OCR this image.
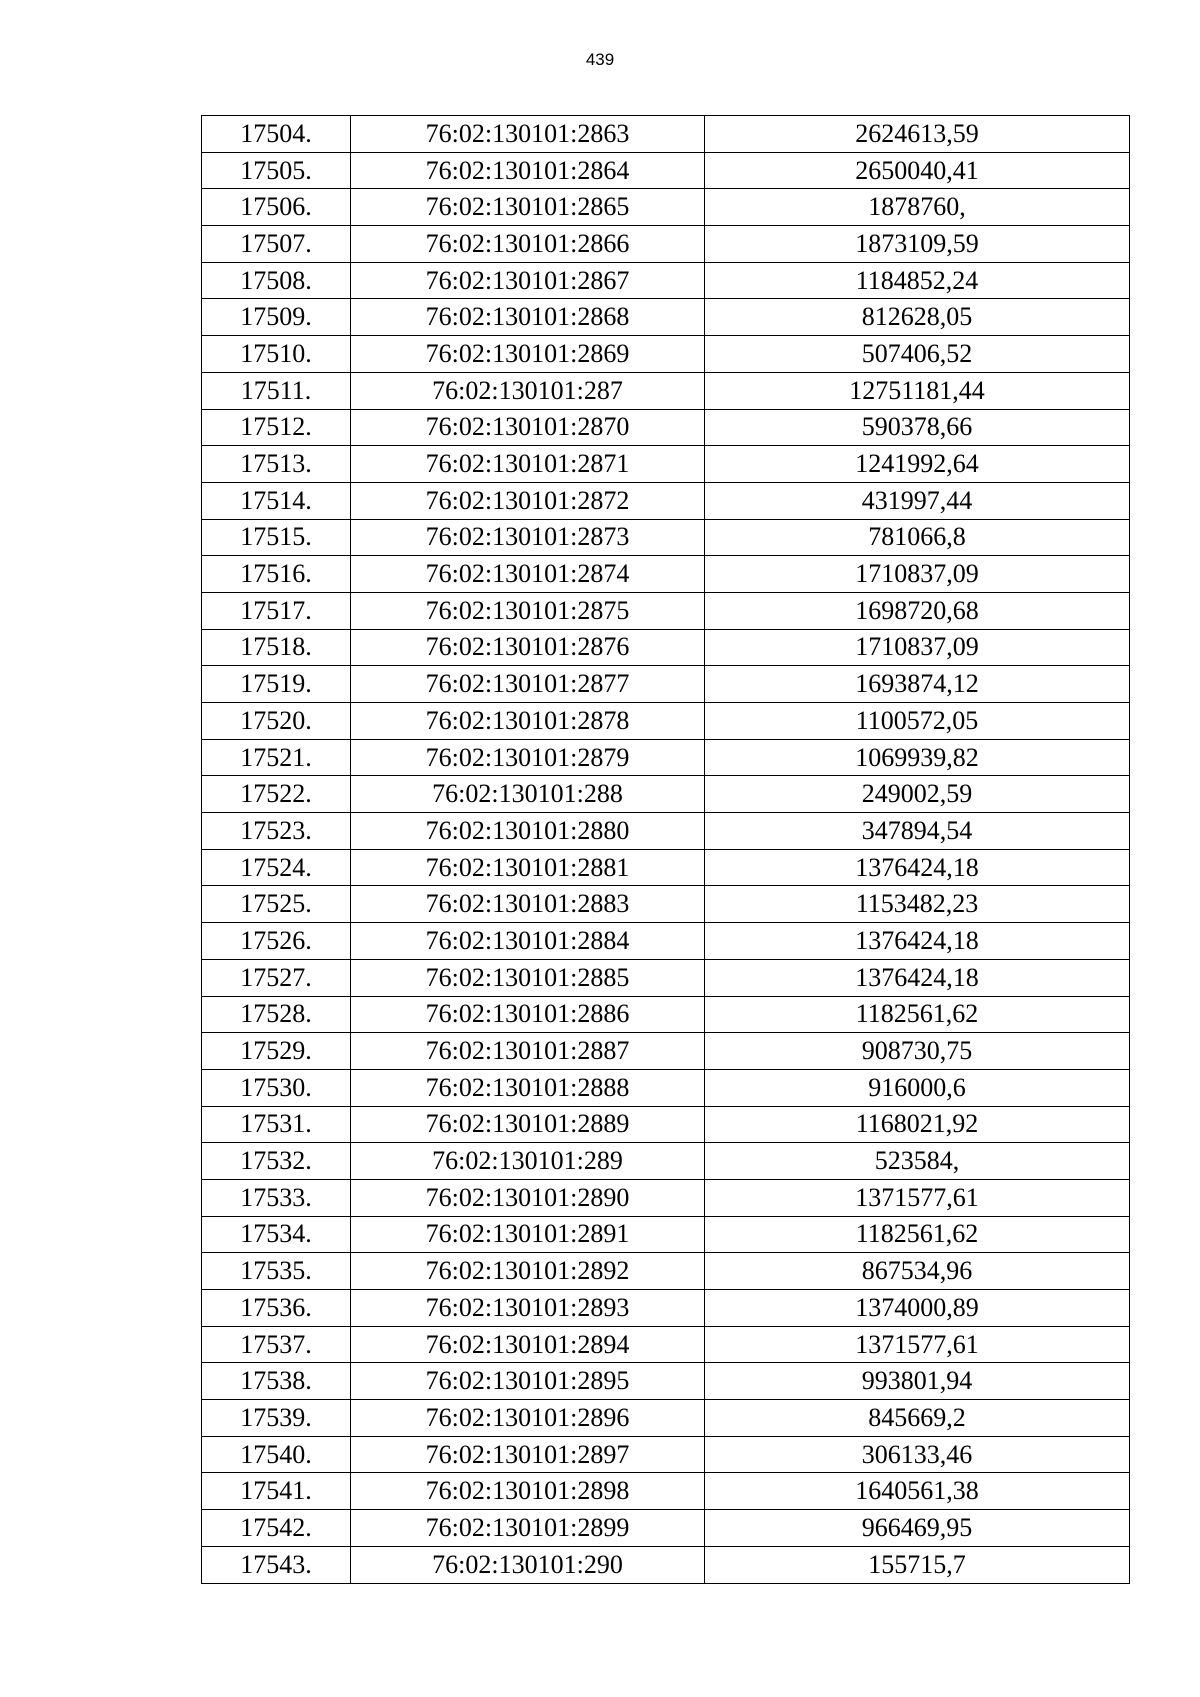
439
17504.	76:02:130101:2863	2624613,59
17505.	76:02:130101:2864	2650040,41
17506.	76:02:130101:2865	1878760,
17507.	76:02:130101:2866	1873109,59
17508.	76:02:130101:2867	1184852,24
17509.	76:02:130101:2868	812628,05
17510.	76:02:130101:2869	507406,52
17511.	76:02:130101:287	12751181,44
17512.	76:02:130101:2870	590378,66
17513.	76:02:130101:2871	1241992,64
17514.	76:02:130101:2872	431997,44
17515.	76:02:130101:2873	781066,8
17516.	76:02:130101:2874	1710837,09
17517.	76:02:130101:2875	1698720,68
17518.	76:02:130101:2876	1710837,09
17519.	76:02:130101:2877	1693874,12
17520.	76:02:130101:2878	1100572,05
17521.	76:02:130101:2879	1069939,82
17522.	76:02:130101:288	249002,59
17523.	76:02:130101:2880	347894,54
17524.	76:02:130101:2881	1376424,18
17525.	76:02:130101:2883	1153482,23
17526.	76:02:130101:2884	1376424,18
17527.	76:02:130101:2885	1376424,18
17528.	76:02:130101:2886	1182561,62
17529.	76:02:130101:2887	908730,75
17530.	76:02:130101:2888	916000,6
17531.	76:02:130101:2889	1168021,92
17532.	76:02:130101:289	523584,
17533.	76:02:130101:2890	1371577,61
17534.	76:02:130101:2891	1182561,62
17535.	76:02:130101:2892	867534,96
17536.	76:02:130101:2893	1374000,89
17537.	76:02:130101:2894	1371577,61
17538.	76:02:130101:2895	993801,94
17539.	76:02:130101:2896	845669,2
17540.	76:02:130101:2897	306133,46
17541.	76:02:130101:2898	1640561,38
17542.	76:02:130101:2899	966469,95
17543.	76:02:130101:290	155715,7
